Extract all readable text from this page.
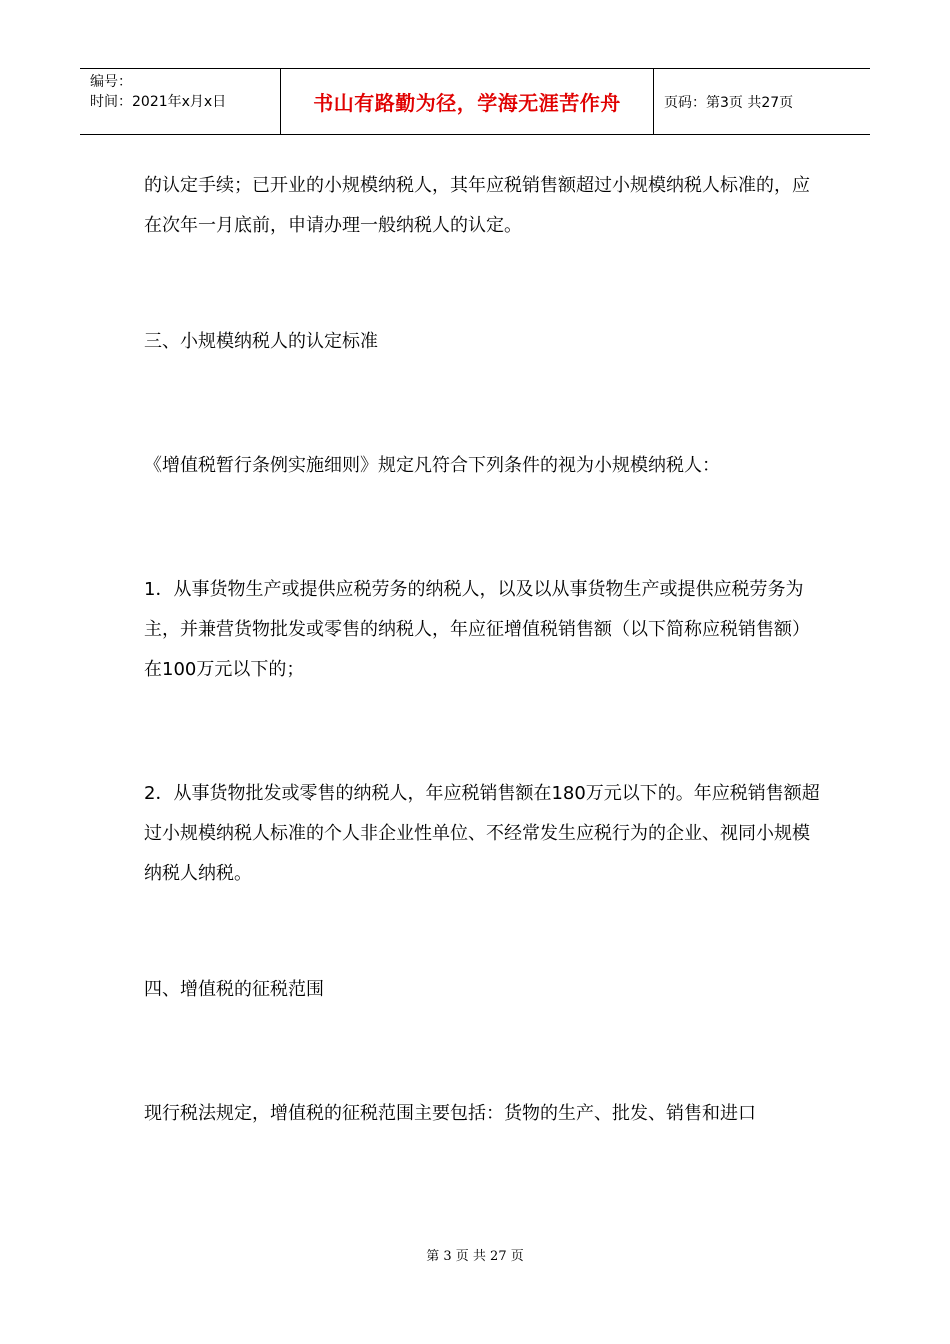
编号：
时间：2021年x月x日	书山有路勤为径，学海无涯苦作舟	页码：第3页 共27页

的认定手续；已开业的小规模纳税人，其年应税销售额超过小规模纳税人标准的，应在次年一月底前，申请办理一般纳税人的认定。

三、小规模纳税人的认定标准

《增值税暂行条例实施细则》规定凡符合下列条件的视为小规模纳税人：

1．从事货物生产或提供应税劳务的纳税人，以及以从事货物生产或提供应税劳务为主，并兼营货物批发或零售的纳税人，年应征增值税销售额（以下简称应税销售额）在100万元以下的；

2．从事货物批发或零售的纳税人，年应税销售额在180万元以下的。年应税销售额超过小规模纳税人标准的个人非企业性单位、不经常发生应税行为的企业、视同小规模纳税人纳税。

四、增值税的征税范围

现行税法规定，增值税的征税范围主要包括：货物的生产、批发、销售和进口

第 3 页 共 27 页
